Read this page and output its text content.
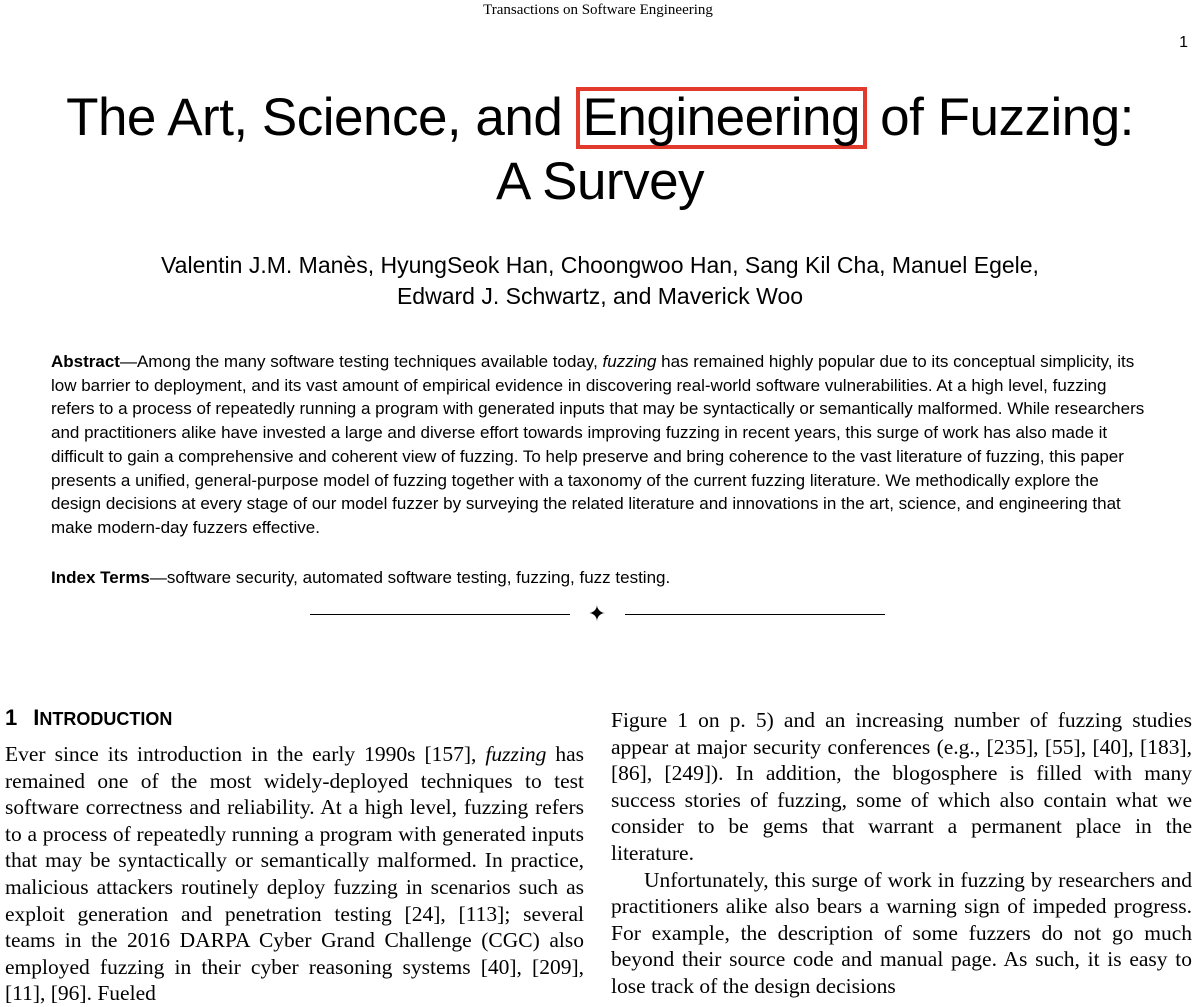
Transactions on Software Engineering
1
The Art, Science, and Engineering of Fuzzing:
A Survey
Valentin J.M. Manès, HyungSeok Han, Choongwoo Han, Sang Kil Cha, Manuel Egele,
Edward J. Schwartz, and Maverick Woo
Abstract—Among the many software testing techniques available today, fuzzing has remained highly popular due to its conceptual simplicity, its low barrier to deployment, and its vast amount of empirical evidence in discovering real-world software vulnerabilities. At a high level, fuzzing refers to a process of repeatedly running a program with generated inputs that may be syntactically or semantically malformed. While researchers and practitioners alike have invested a large and diverse effort towards improving fuzzing in recent years, this surge of work has also made it difficult to gain a comprehensive and coherent view of fuzzing. To help preserve and bring coherence to the vast literature of fuzzing, this paper presents a unified, general-purpose model of fuzzing together with a taxonomy of the current fuzzing literature. We methodically explore the design decisions at every stage of our model fuzzer by surveying the related literature and innovations in the art, science, and engineering that make modern-day fuzzers effective.
Index Terms—software security, automated software testing, fuzzing, fuzz testing.
✦
1 INTRODUCTION

Ever since its introduction in the early 1990s [157], fuzzing has remained one of the most widely-deployed techniques to test software correctness and reliability. At a high level, fuzzing refers to a process of repeatedly running a program with generated inputs that may be syntactically or semantically malformed. In practice, malicious attackers routinely deploy fuzzing in scenarios such as exploit generation and penetration testing [24], [113]; several teams in the 2016 DARPA Cyber Grand Challenge (CGC) also employed fuzzing in their cyber reasoning systems [40], [209], [11], [96]. Fueled

Figure 1 on p. 5) and an increasing number of fuzzing studies appear at major security conferences (e.g., [235], [55], [40], [183], [86], [249]). In addition, the blogosphere is filled with many success stories of fuzzing, some of which also contain what we consider to be gems that warrant a permanent place in the literature.

Unfortunately, this surge of work in fuzzing by researchers and practitioners alike also bears a warning sign of impeded progress. For example, the description of some fuzzers do not go much beyond their source code and manual page. As such, it is easy to lose track of the design decisions
